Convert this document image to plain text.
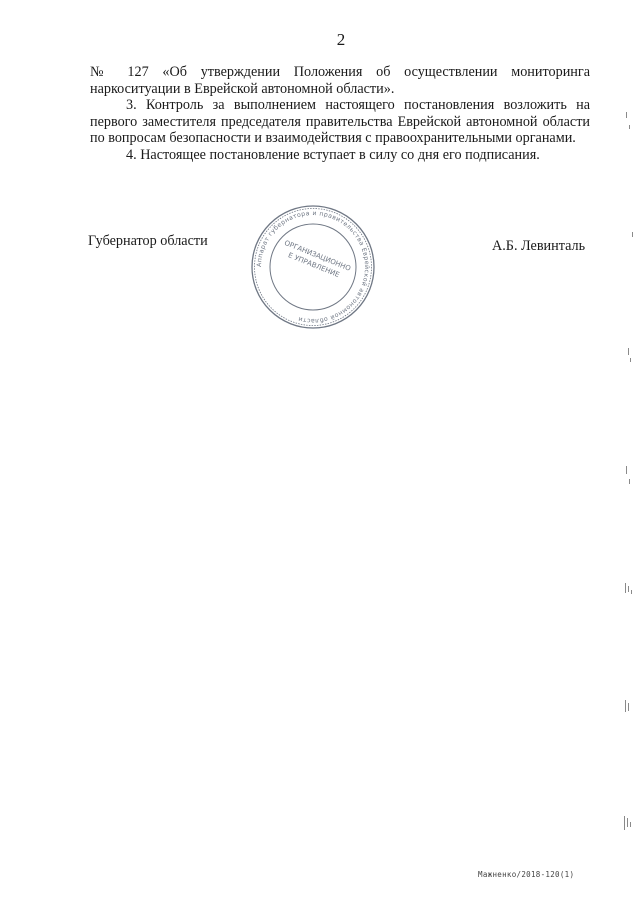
2

№ 127 «Об утверждении Положения об осуществлении мониторинга наркоситуации в Еврейской автономной области».

3. Контроль за выполнением настоящего постановления возложить на первого заместителя председателя правительства Еврейской автономной области по вопросам безопасности и взаимодействия с правоохранительными органами.

4. Настоящее постановление вступает в силу со дня его подписания.

Губернатор области

Аппарат губернатора и правительства Еврейской автономной области
ОРГАНИЗАЦИОННОЕ УПРАВЛЕНИЕ

А.Б. Левинталь

Мажненко/2018-120(1)
